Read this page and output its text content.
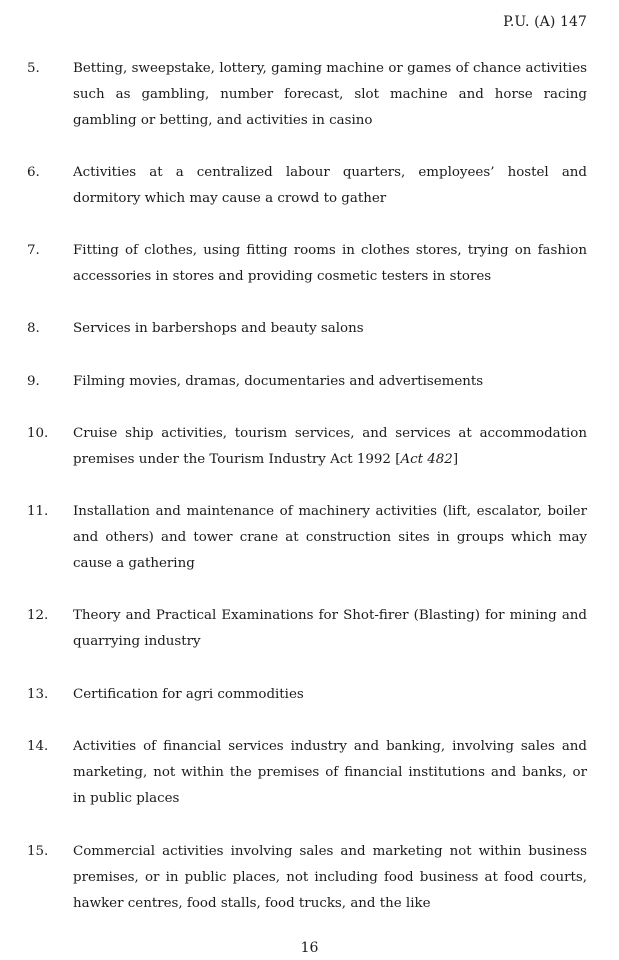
P.U. (A) 147
5.	Betting, sweepstake, lottery, gaming machine or games of chance activities such as gambling, number forecast, slot machine and horse racing gambling or betting, and activities in casino
6.	Activities at a centralized labour quarters, employees’ hostel and dormitory which may cause a crowd to gather
7.	Fitting of clothes, using fitting rooms in clothes stores, trying on fashion accessories in stores and providing cosmetic testers in stores
8.	Services in barbershops and beauty salons
9.	Filming movies, dramas, documentaries and advertisements
10.	Cruise ship activities, tourism services, and services at accommodation premises under the Tourism Industry Act 1992 [Act 482]
11.	Installation and maintenance of machinery activities (lift, escalator, boiler and others) and tower crane at construction sites in groups which may cause a gathering
12.	Theory and Practical Examinations for Shot-firer (Blasting) for mining and quarrying industry
13.	Certification for agri commodities
14.	Activities of financial services industry and banking, involving sales and marketing, not within the premises of financial institutions and banks, or in public places
15.	Commercial activities involving sales and marketing not within business premises, or in public places, not including food business at food courts, hawker centres, food stalls, food trucks, and the like
16
